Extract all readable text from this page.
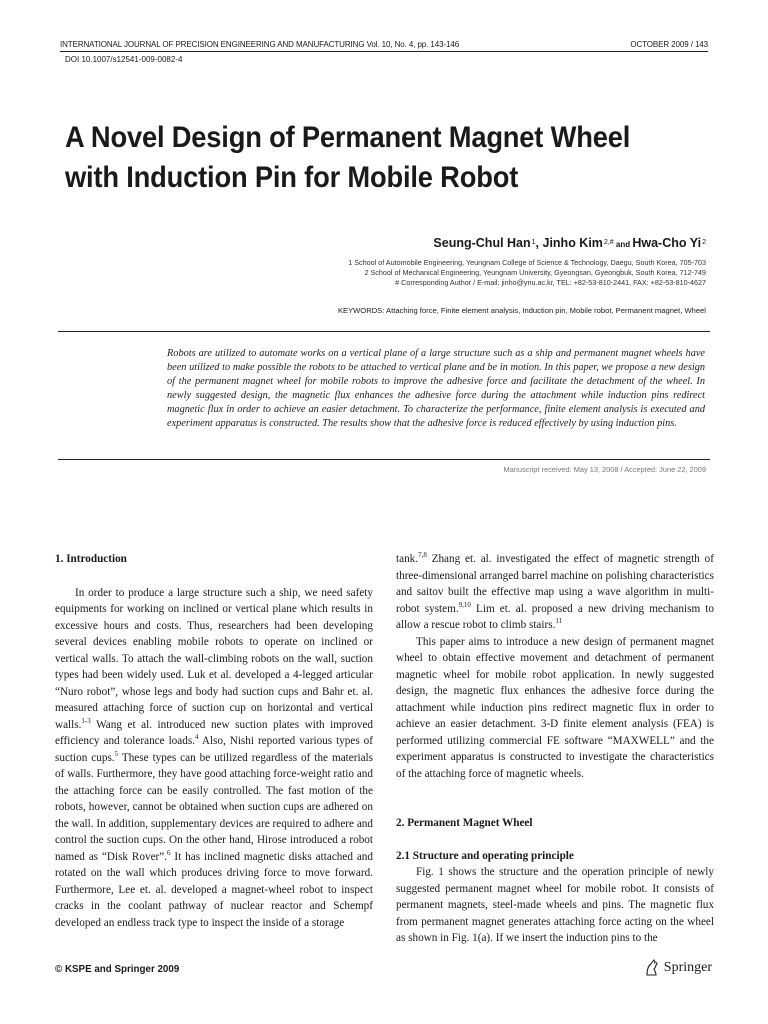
INTERNATIONAL JOURNAL OF PRECISION ENGINEERING AND MANUFACTURING Vol. 10, No. 4, pp. 143-146	OCTOBER 2009 / 143
DOI 10.1007/s12541-009-0082-4
A Novel Design of Permanent Magnet Wheel
with Induction Pin for Mobile Robot
Seung-Chul Han$^1$, Jinho Kim$^{2,\#}$ and Hwa-Cho Yi$^2$
1 School of Automobile Engineering, Yeungnam College of Science & Technology, Daegu, South Korea, 705-703
2 School of Mechanical Engineering, Yeungnam University, Gyeongsan, Gyeongbuk, South Korea, 712-749
# Corresponding Author / E-mail: jinho@ynu.ac.kr, TEL: +82-53-810-2441, FAX: +82-53-810-4627
KEYWORDS: Attaching force, Finite element analysis, Induction pin, Mobile robot, Permanent magnet, Wheel
Robots are utilized to automate works on a vertical plane of a large structure such as a ship and permanent magnet wheels have been utilized to make possible the robots to be attached to vertical plane and be in motion. In this paper, we propose a new design of the permanent magnet wheel for mobile robots to improve the adhesive force and facilitate the detachment of the wheel. In newly suggested design, the magnetic flux enhances the adhesive force during the attachment while induction pins redirect magnetic flux in order to achieve an easier detachment. To characterize the performance, finite element analysis is executed and experiment apparatus is constructed. The results show that the adhesive force is reduced effectively by using induction pins.
Manuscript received: May 13, 2008 / Accepted: June 22, 2009

1. Introduction

In order to produce a large structure such a ship, we need safety equipments for working on inclined or vertical plane which results in excessive hours and costs. Thus, researchers had been developing several devices enabling mobile robots to operate on inclined or vertical walls. To attach the wall-climbing robots on the wall, suction types had been widely used. Luk et al. developed a 4-legged articular “Nuro robot”, whose legs and body had suction cups and Bahr et. al. measured attaching force of suction cup on horizontal and vertical walls.$^{1-3}$ Wang et al. introduced new suction plates with improved efficiency and tolerance loads.$^4$ Also, Nishi reported various types of suction cups.$^5$ These types can be utilized regardless of the materials of walls. Furthermore, they have good attaching force-weight ratio and the attaching force can be easily controlled. The fast motion of the robots, however, cannot be obtained when suction cups are adhered on the wall. In addition, supplementary devices are required to adhere and control the suction cups. On the other hand, Hirose introduced a robot named as “Disk Rover”.$^6$ It has inclined magnetic disks attached and rotated on the wall which produces driving force to move forward. Furthermore, Lee et. al. developed a magnet-wheel robot to inspect cracks in the coolant pathway of nuclear reactor and Schempf developed an endless track type to inspect the inside of a storage

tank.$^{7,8}$ Zhang et. al. investigated the effect of magnetic strength of three-dimensional arranged barrel machine on polishing characteristics and saitov built the effective map using a wave algorithm in multi-robot system.$^{9,10}$ Lim et. al. proposed a new driving mechanism to allow a rescue robot to climb stairs.$^{11}$

This paper aims to introduce a new design of permanent magnet wheel to obtain effective movement and detachment of permanent magnetic wheel for mobile robot application. In newly suggested design, the magnetic flux enhances the adhesive force during the attachment while induction pins redirect magnetic flux in order to achieve an easier detachment. 3-D finite element analysis (FEA) is performed utilizing commercial FE software “MAXWELL” and the experiment apparatus is constructed to investigate the characteristics of the attaching force of magnetic wheels.

2. Permanent Magnet Wheel

2.1 Structure and operating principle

Fig. 1 shows the structure and the operation principle of newly suggested permanent magnet wheel for mobile robot. It consists of permanent magnets, steel-made wheels and pins. The magnetic flux from permanent magnet generates attaching force acting on the wheel as shown in Fig. 1(a). If we insert the induction pins to the

© KSPE and Springer 2009	Springer
